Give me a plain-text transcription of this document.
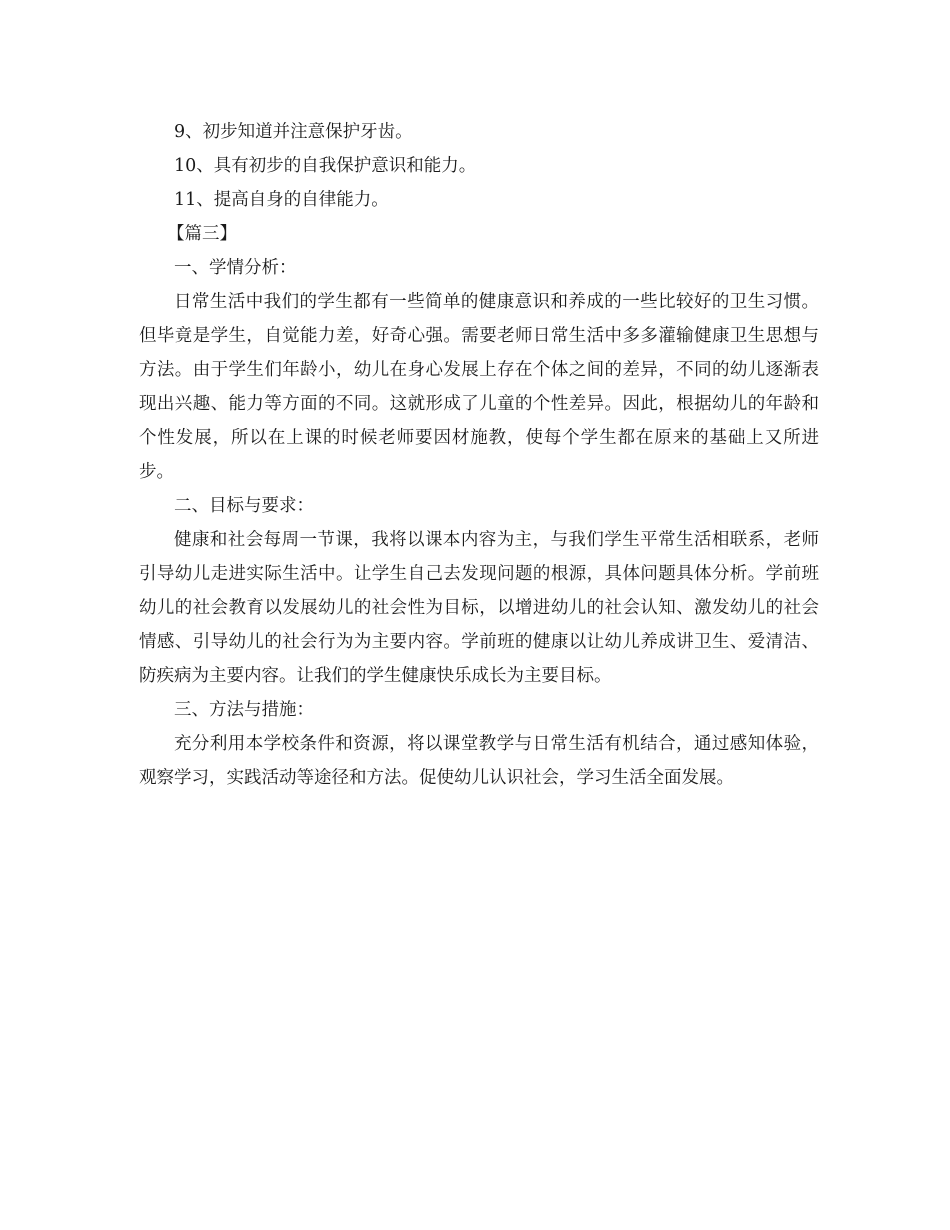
9、初步知道并注意保护牙齿。

10、具有初步的自我保护意识和能力。

11、提高自身的自律能力。

【篇三】

一、学情分析：

日常生活中我们的学生都有一些简单的健康意识和养成的一些比较好的卫生习惯。但毕竟是学生，自觉能力差，好奇心强。需要老师日常生活中多多灌输健康卫生思想与方法。由于学生们年龄小，幼儿在身心发展上存在个体之间的差异，不同的幼儿逐渐表现出兴趣、能力等方面的不同。这就形成了儿童的个性差异。因此，根据幼儿的年龄和个性发展，所以在上课的时候老师要因材施教，使每个学生都在原来的基础上又所进步。

二、目标与要求：

健康和社会每周一节课，我将以课本内容为主，与我们学生平常生活相联系，老师引导幼儿走进实际生活中。让学生自己去发现问题的根源，具体问题具体分析。学前班幼儿的社会教育以发展幼儿的社会性为目标，以增进幼儿的社会认知、激发幼儿的社会情感、引导幼儿的社会行为为主要内容。学前班的健康以让幼儿养成讲卫生、爱清洁、防疾病为主要内容。让我们的学生健康快乐成长为主要目标。

三、方法与措施：

充分利用本学校条件和资源，将以课堂教学与日常生活有机结合，通过感知体验，观察学习，实践活动等途径和方法。促使幼儿认识社会，学习生活全面发展。
